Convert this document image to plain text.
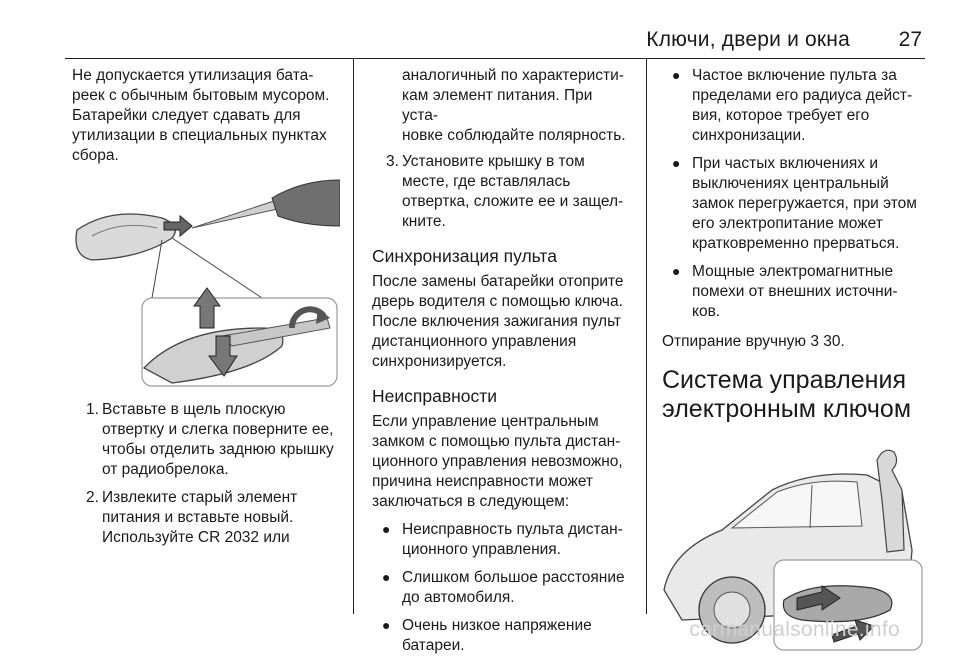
Ключи, двери и окна 27

Не допускается утилизация бата-

реек с обычным бытовым мусором.

Батарейки следует сдавать для

утилизации в специальных пунктах

сбора.

1. Вставьте в щель плоскую

отвертку и слегка поверните ее,

чтобы отделить заднюю крышку

от радиобрелока.

2. Извлеките старый элемент

питания и вставьте новый.

Используйте CR 2032 или

аналогичный по характеристи-

кам элемент питания. При уста-

новке соблюдайте полярность.

3. Установите крышку в том

месте, где вставлялась

отвертка, сложите ее и защел-

кните.

Синхронизация пульта

После замены батарейки отоприте

дверь водителя с помощью ключа.

После включения зажигания пульт

дистанционного управления

синхронизируется.

Неисправности

Если управление центральным

замком с помощью пульта дистан-

ционного управления невозможно,

причина неисправности может

заключаться в следующем:

● Неисправность пульта дистан-

ционного управления.

● Слишком большое расстояние

до автомобиля.

● Очень низкое напряжение

батареи.

● Частое включение пульта за

пределами его радиуса дейст-

вия, которое требует его

синхронизации.

● При частых включениях и

выключениях центральный

замок перегружается, при этом

его электропитание может

кратковременно прерваться.

● Мощные электромагнитные

помехи от внешних источни-

ков.

Отпирание вручную 3 30.

Система управления
электронным ключом
carmanualsonline.info
